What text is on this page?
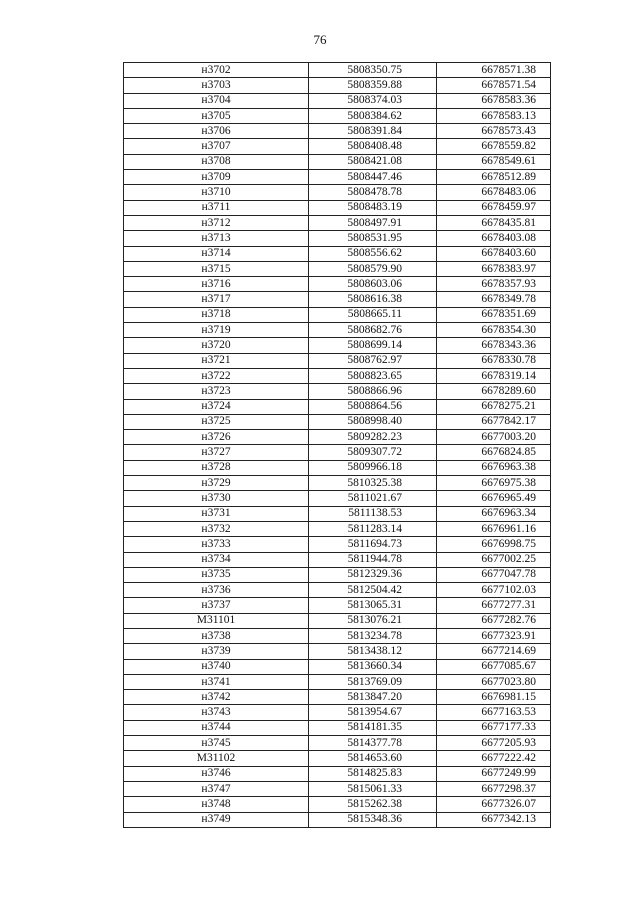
76
н3702	5808350.75	6678571.38
н3703	5808359.88	6678571.54
н3704	5808374.03	6678583.36
н3705	5808384.62	6678583.13
н3706	5808391.84	6678573.43
н3707	5808408.48	6678559.82
н3708	5808421.08	6678549.61
н3709	5808447.46	6678512.89
н3710	5808478.78	6678483.06
н3711	5808483.19	6678459.97
н3712	5808497.91	6678435.81
н3713	5808531.95	6678403.08
н3714	5808556.62	6678403.60
н3715	5808579.90	6678383.97
н3716	5808603.06	6678357.93
н3717	5808616.38	6678349.78
н3718	5808665.11	6678351.69
н3719	5808682.76	6678354.30
н3720	5808699.14	6678343.36
н3721	5808762.97	6678330.78
н3722	5808823.65	6678319.14
н3723	5808866.96	6678289.60
н3724	5808864.56	6678275.21
н3725	5808998.40	6677842.17
н3726	5809282.23	6677003.20
н3727	5809307.72	6676824.85
н3728	5809966.18	6676963.38
н3729	5810325.38	6676975.38
н3730	5811021.67	6676965.49
н3731	5811138.53	6676963.34
н3732	5811283.14	6676961.16
н3733	5811694.73	6676998.75
н3734	5811944.78	6677002.25
н3735	5812329.36	6677047.78
н3736	5812504.42	6677102.03
н3737	5813065.31	6677277.31
М31101	5813076.21	6677282.76
н3738	5813234.78	6677323.91
н3739	5813438.12	6677214.69
н3740	5813660.34	6677085.67
н3741	5813769.09	6677023.80
н3742	5813847.20	6676981.15
н3743	5813954.67	6677163.53
н3744	5814181.35	6677177.33
н3745	5814377.78	6677205.93
М31102	5814653.60	6677222.42
н3746	5814825.83	6677249.99
н3747	5815061.33	6677298.37
н3748	5815262.38	6677326.07
н3749	5815348.36	6677342.13
